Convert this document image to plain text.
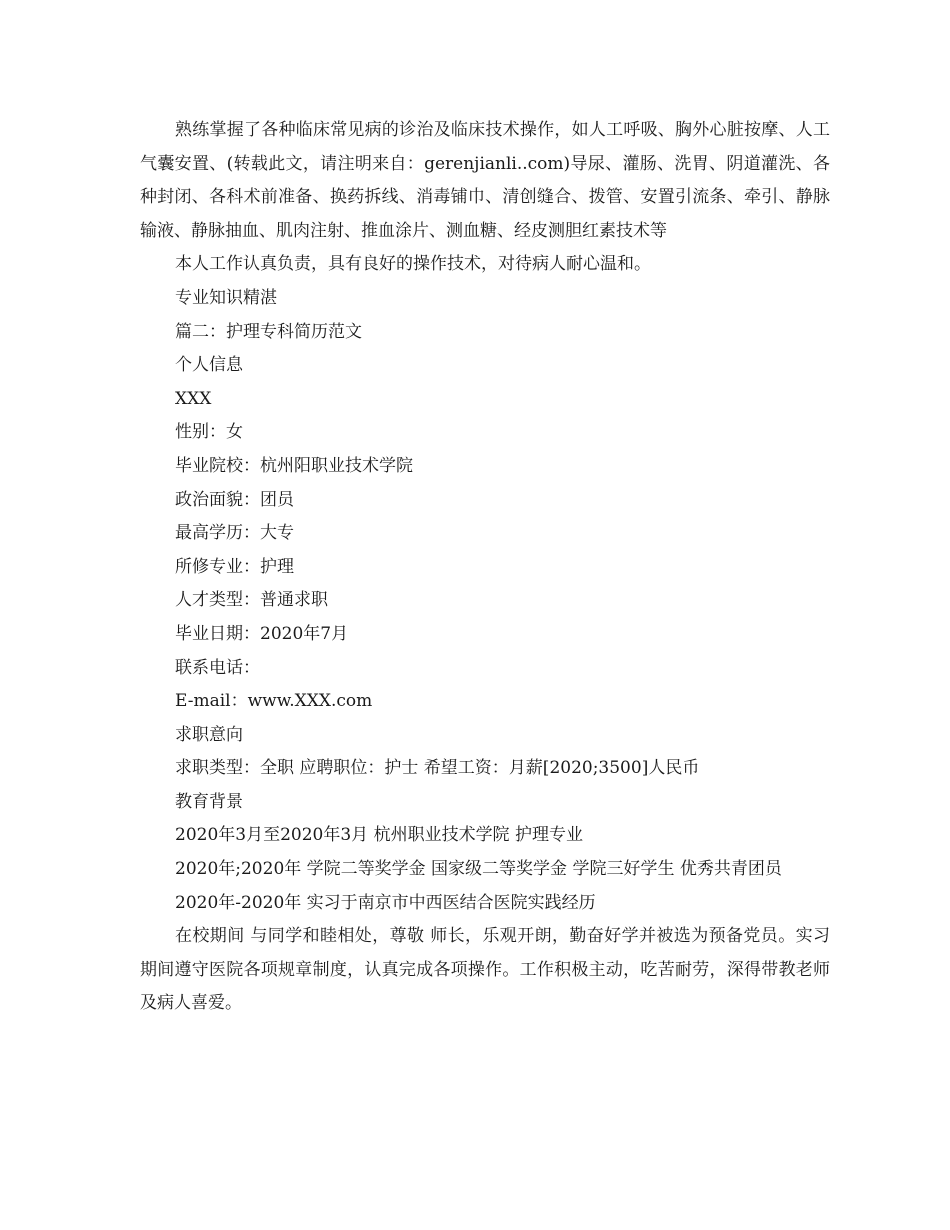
熟练掌握了各种临床常见病的诊治及临床技术操作，如人工呼吸、胸外心脏按摩、人工气囊安置、(转载此文，请注明来自：gerenjianli..com)导尿、灌肠、洗胃、阴道灌洗、各种封闭、各科术前准备、换药拆线、消毒铺巾、清创缝合、拨管、安置引流条、牵引、静脉输液、静脉抽血、肌肉注射、推血涂片、测血糖、经皮测胆红素技术等

本人工作认真负责，具有良好的操作技术，对待病人耐心温和。

专业知识精湛

篇二：护理专科简历范文

个人信息

XXX

性别：女

毕业院校：杭州阳职业技术学院

政治面貌：团员

最高学历：大专

所修专业：护理

人才类型：普通求职

毕业日期：2020年7月

联系电话：

E-mail：www.XXX.com

求职意向

求职类型：全职 应聘职位：护士 希望工资：月薪[2020;3500]人民币

教育背景

2020年3月至2020年3月 杭州职业技术学院 护理专业

2020年;2020年 学院二等奖学金 国家级二等奖学金 学院三好学生 优秀共青团员

2020年-2020年 实习于南京市中西医结合医院实践经历

在校期间 与同学和睦相处，尊敬 师长，乐观开朗，勤奋好学并被选为预备党员。实习期间遵守医院各项规章制度，认真完成各项操作。工作积极主动，吃苦耐劳，深得带教老师及病人喜爱。
